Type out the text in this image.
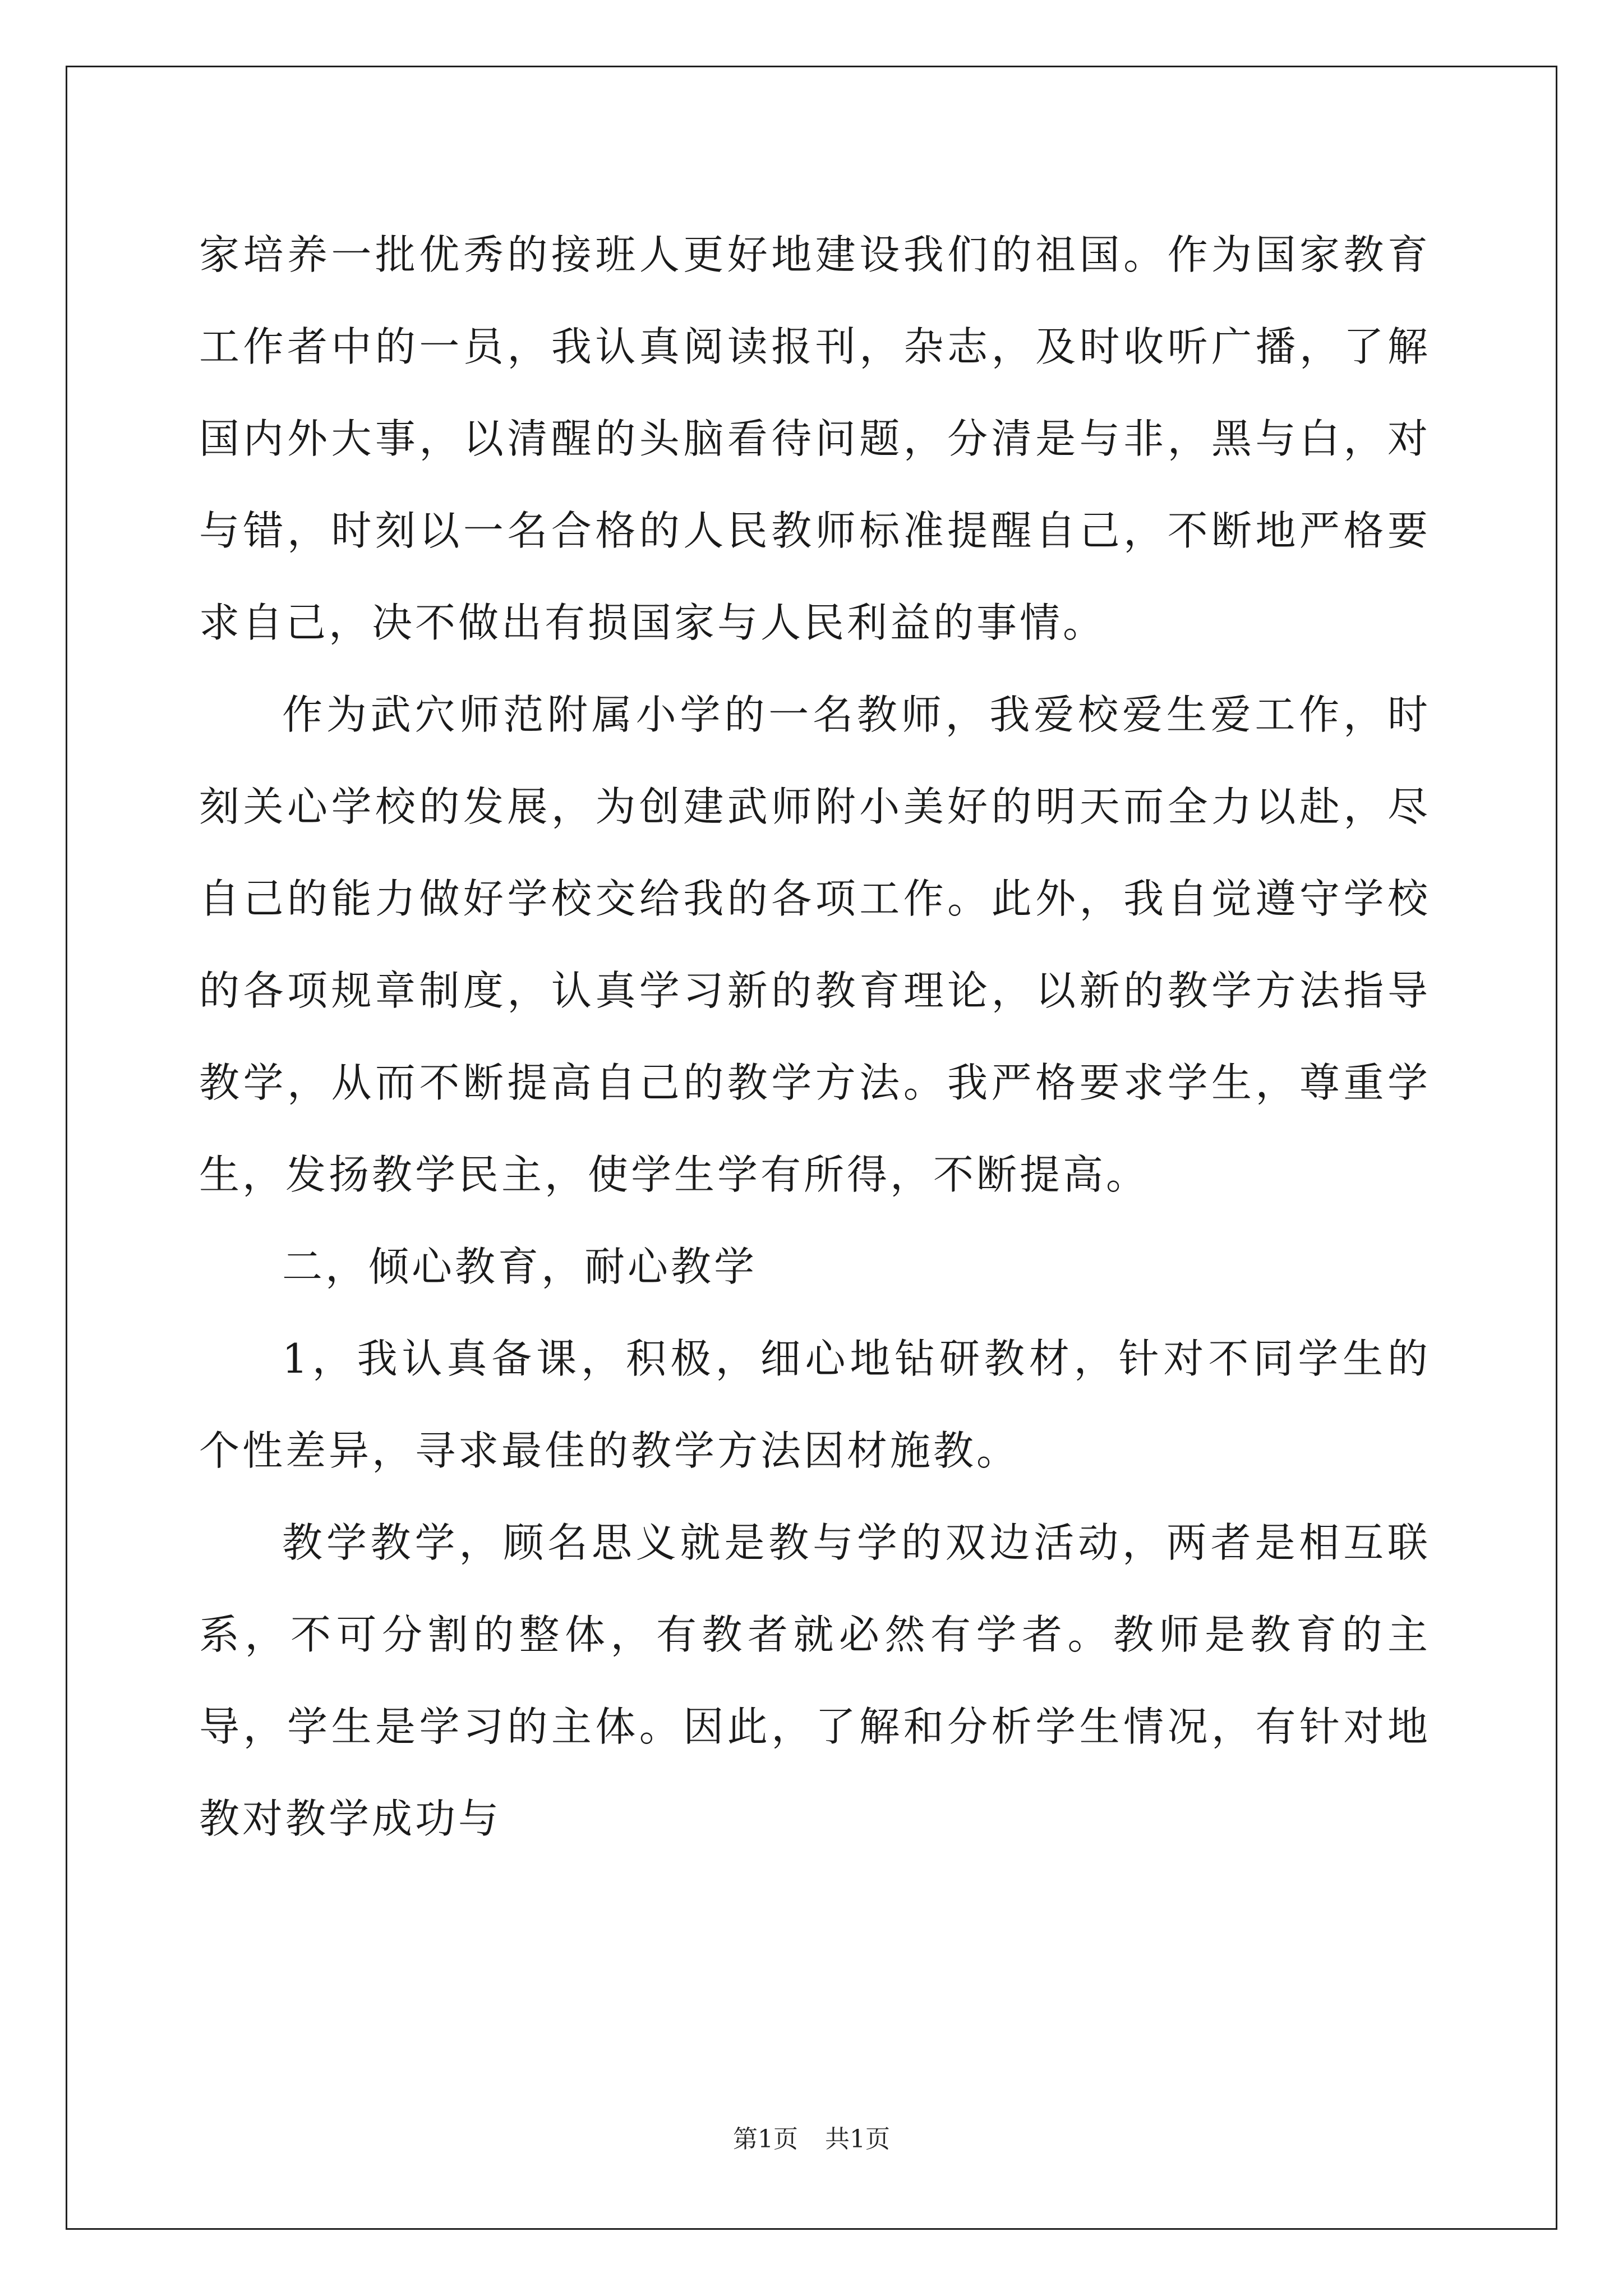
家培养一批优秀的接班人更好地建设我们的祖国。作为国家教育工作者中的一员，我认真阅读报刊，杂志，及时收听广播，了解国内外大事，以清醒的头脑看待问题，分清是与非，黑与白，对与错，时刻以一名合格的人民教师标准提醒自己，不断地严格要求自己，决不做出有损国家与人民利益的事情。

作为武穴师范附属小学的一名教师，我爱校爱生爱工作，时刻关心学校的发展，为创建武师附小美好的明天而全力以赴，尽自己的能力做好学校交给我的各项工作。此外，我自觉遵守学校的各项规章制度，认真学习新的教育理论，以新的教学方法指导教学，从而不断提高自己的教学方法。我严格要求学生，尊重学生，发扬教学民主，使学生学有所得，不断提高。

二，倾心教育，耐心教学

1，我认真备课，积极，细心地钻研教材，针对不同学生的个性差异，寻求最佳的教学方法因材施教。

教学教学，顾名思义就是教与学的双边活动，两者是相互联系，不可分割的整体，有教者就必然有学者。教师是教育的主导，学生是学习的主体。因此，了解和分析学生情况，有针对地教对教学成功与

第1页 共1页
